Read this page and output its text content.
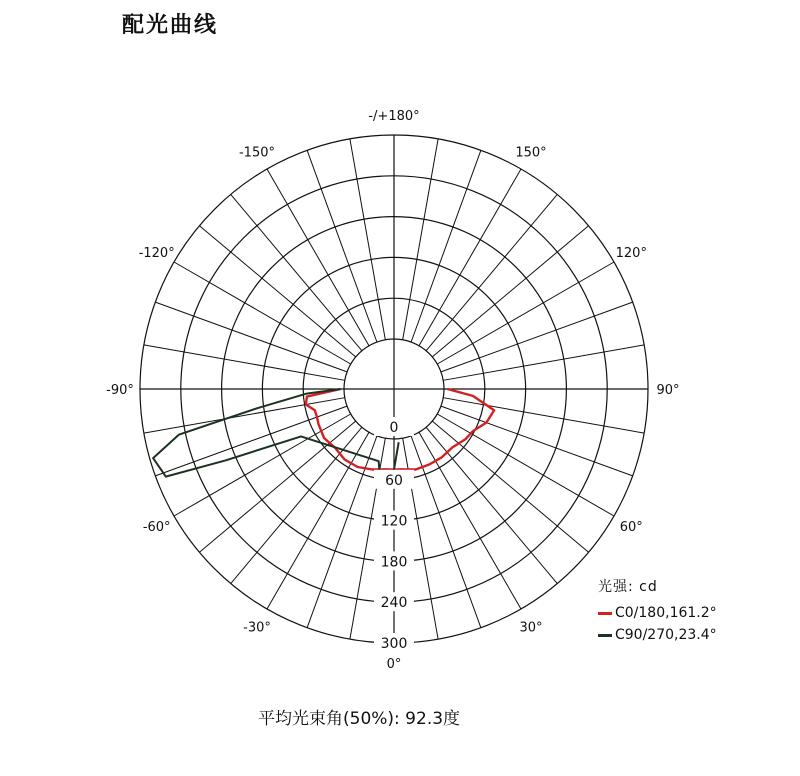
配光曲线
0°
30°
60°
90°
120°
150°
-/+180°
-150°
-120°
-90°
-60°
-30°
0
60
120
180
240
300
光强: cd
C0/180,161.2°
C90/270,23.4°
平均光束角(50%): 92.3度
